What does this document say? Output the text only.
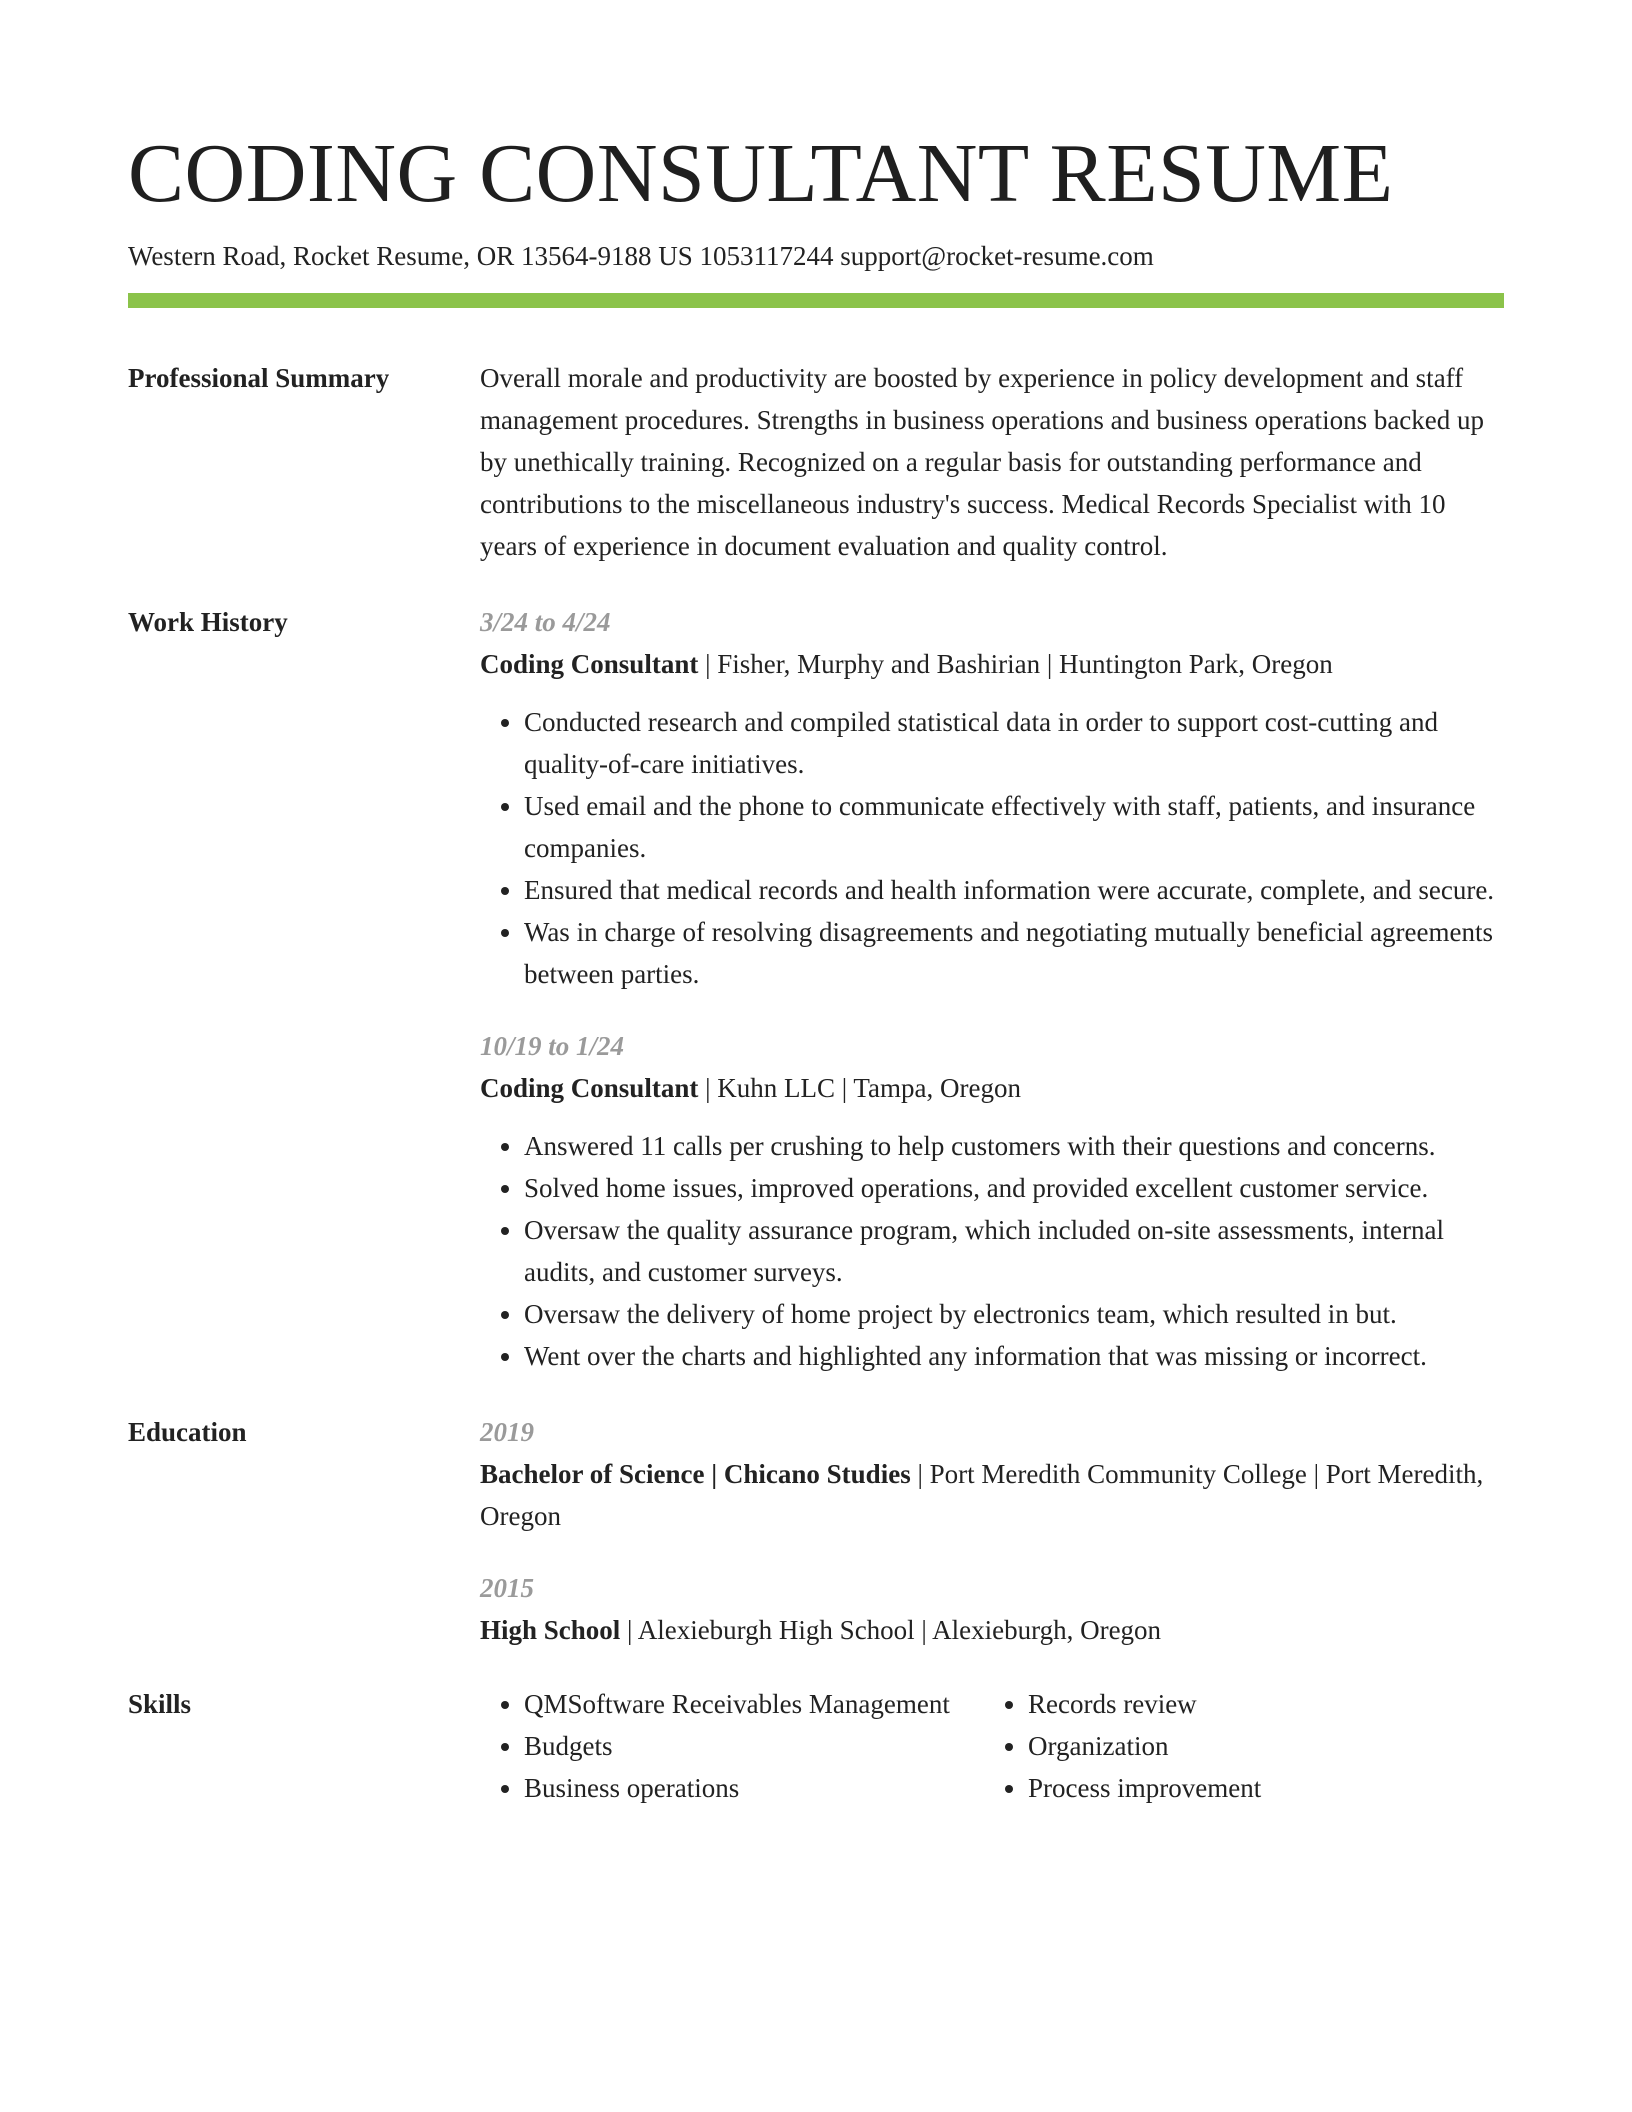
CODING CONSULTANT RESUME
Western Road, Rocket Resume, OR 13564-9188 US 1053117244 support@rocket-resume.com
Professional Summary	Overall morale and productivity are boosted by experience in policy development and staff management procedures. Strengths in business operations and business operations backed up by unethically training. Recognized on a regular basis for outstanding performance and contributions to the miscellaneous industry's success. Medical Records Specialist with 10 years of experience in document evaluation and quality control.
Work History	3/24 to 4/24
Coding Consultant | Fisher, Murphy and Bashirian | Huntington Park, Oregon
• Conducted research and compiled statistical data in order to support cost-cutting and quality-of-care initiatives.
• Used email and the phone to communicate effectively with staff, patients, and insurance companies.
• Ensured that medical records and health information were accurate, complete, and secure.
• Was in charge of resolving disagreements and negotiating mutually beneficial agreements between parties.
10/19 to 1/24
Coding Consultant | Kuhn LLC | Tampa, Oregon
• Answered 11 calls per crushing to help customers with their questions and concerns.
• Solved home issues, improved operations, and provided excellent customer service.
• Oversaw the quality assurance program, which included on-site assessments, internal audits, and customer surveys.
• Oversaw the delivery of home project by electronics team, which resulted in but.
• Went over the charts and highlighted any information that was missing or incorrect.
Education	2019
Bachelor of Science | Chicano Studies | Port Meredith Community College | Port Meredith, Oregon
2015
High School | Alexieburgh High School | Alexieburgh, Oregon
Skills
•	QMSoftware Receivables Management
• Budgets
• Business operations
• Records review
• Organization
• Process improvement
